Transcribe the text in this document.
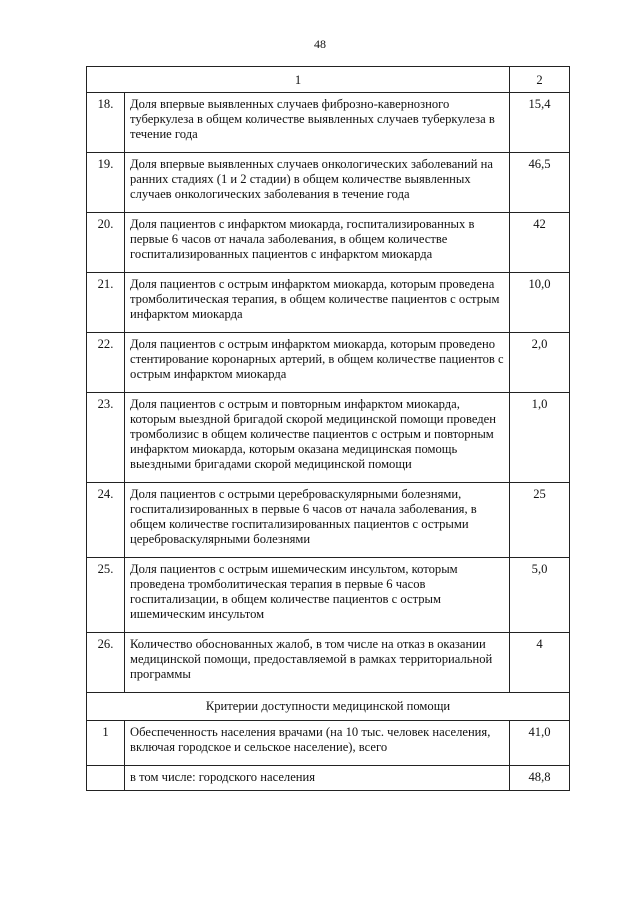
48
1		2
18.	Доля впервые выявленных случаев фиброзно-кавернозного туберкулеза в общем количестве выявленных случаев туберкулеза в течение года	15,4
19.	Доля впервые выявленных случаев онкологических заболеваний на ранних стадиях (1 и 2 стадии) в общем количестве выявленных случаев онкологических заболевания в течение года	46,5
20.	Доля пациентов с инфарктом миокарда, госпитализированных в первые 6 часов от начала заболевания, в общем количестве госпитализированных пациентов с инфарктом миокарда	42
21.	Доля пациентов с острым инфарктом миокарда, которым проведена тромболитическая терапия, в общем количестве пациентов с острым инфарктом миокарда	10,0
22.	Доля пациентов с острым инфарктом миокарда, которым проведено стентирование коронарных артерий, в общем количестве пациентов с острым инфарктом миокарда	2,0
23.	Доля пациентов с острым и повторным инфарктом миокарда, которым выездной бригадой скорой медицинской помощи проведен тромболизис в общем количестве пациентов с острым и повторным инфарктом миокарда, которым оказана медицинская помощь выездными бригадами скорой медицинской помощи	1,0
24.	Доля пациентов с острыми цереброваскулярными болезнями, госпитализированных в первые 6 часов от начала заболевания, в общем количестве госпитализированных пациентов с острыми цереброваскулярными болезнями	25
25.	Доля пациентов с острым ишемическим инсультом, которым проведена тромболитическая терапия в первые 6 часов госпитализации, в общем количестве пациентов с острым ишемическим инсультом	5,0
26.	Количество обоснованных жалоб, в том числе на отказ в оказании медицинской помощи, предоставляемой в рамках территориальной программы	4
Критерии доступности медицинской помощи		
1	Обеспеченность населения врачами (на 10 тыс. человек населения, включая городское и сельское население), всего	41,0
	в том числе: городского населения	48,8
